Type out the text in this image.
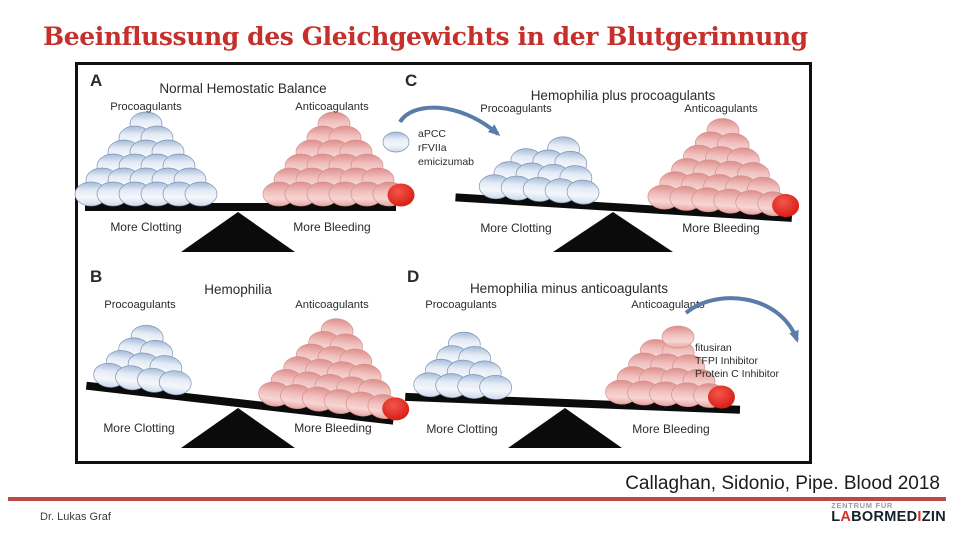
Beeinflussung des Gleichgewichts in der Blutgerinnung
Callaghan, Sidonio, Pipe. Blood 2018
Dr. Lukas Graf
ZENTRUM FÜR
LABORMEDIZIN
A	Normal Hemostatic Balance
Procoagulants	Anticoagulants
More Clotting	More Bleeding
B
Hemophilia
Procoagulants	Anticoagulants
More Clotting	More Bleeding
C
Hemophilia plus procoagulants
Procoagulants	Anticoagulants
More Clotting	More Bleeding
aPCC
rFVIIa
emicizumab
D
Hemophilia minus anticoagulants
Procoagulants	Anticoagulants
More Clotting	More Bleeding
fitusiran
TFPI Inhibitor
Protein C Inhibitor
